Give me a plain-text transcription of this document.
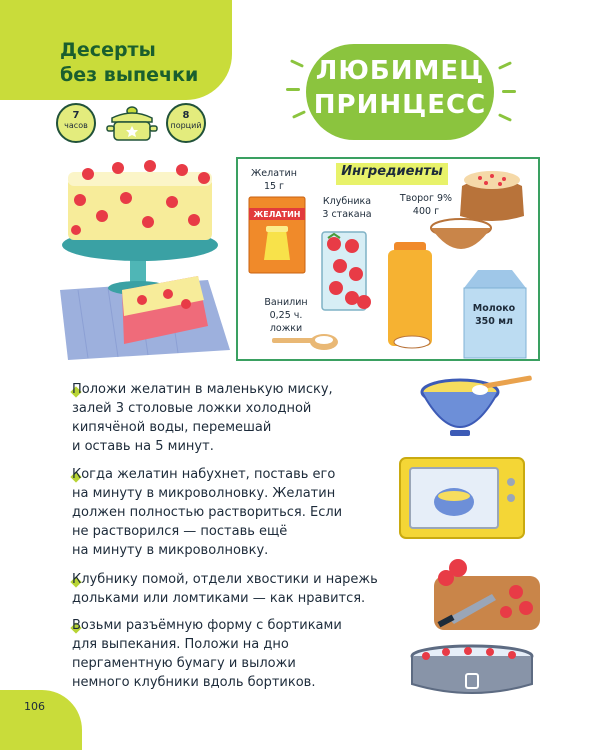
Десерты
без выпечки
7
часов
8
порций
ЛЮБИМЕЦ
ПРИНЦЕСС
Ингредиенты
Желатин
15 г
ЖЕЛАТИН
Клубника
3 стакана
Творог 9%
400 г
Ванилин
0,25 ч.
ложки
Молоко
350 мл
Положи желатин в маленькую миску,
залей 3 столовые ложки холодной
кипячёной воды, перемешай
и оставь на 5 минут.
Когда желатин набухнет, поставь его
на минуту в микроволновку. Желатин
должен полностью раствориться. Если
не растворился — поставь ещё
на минуту в микроволновку.
Клубнику помой, отдели хвостики и нарежь
дольками или ломтиками — как нравится.
Возьми разъёмную форму с бортиками
для выпекания. Положи на дно
пергаментную бумагу и выложи
немного клубники вдоль бортиков.
106
